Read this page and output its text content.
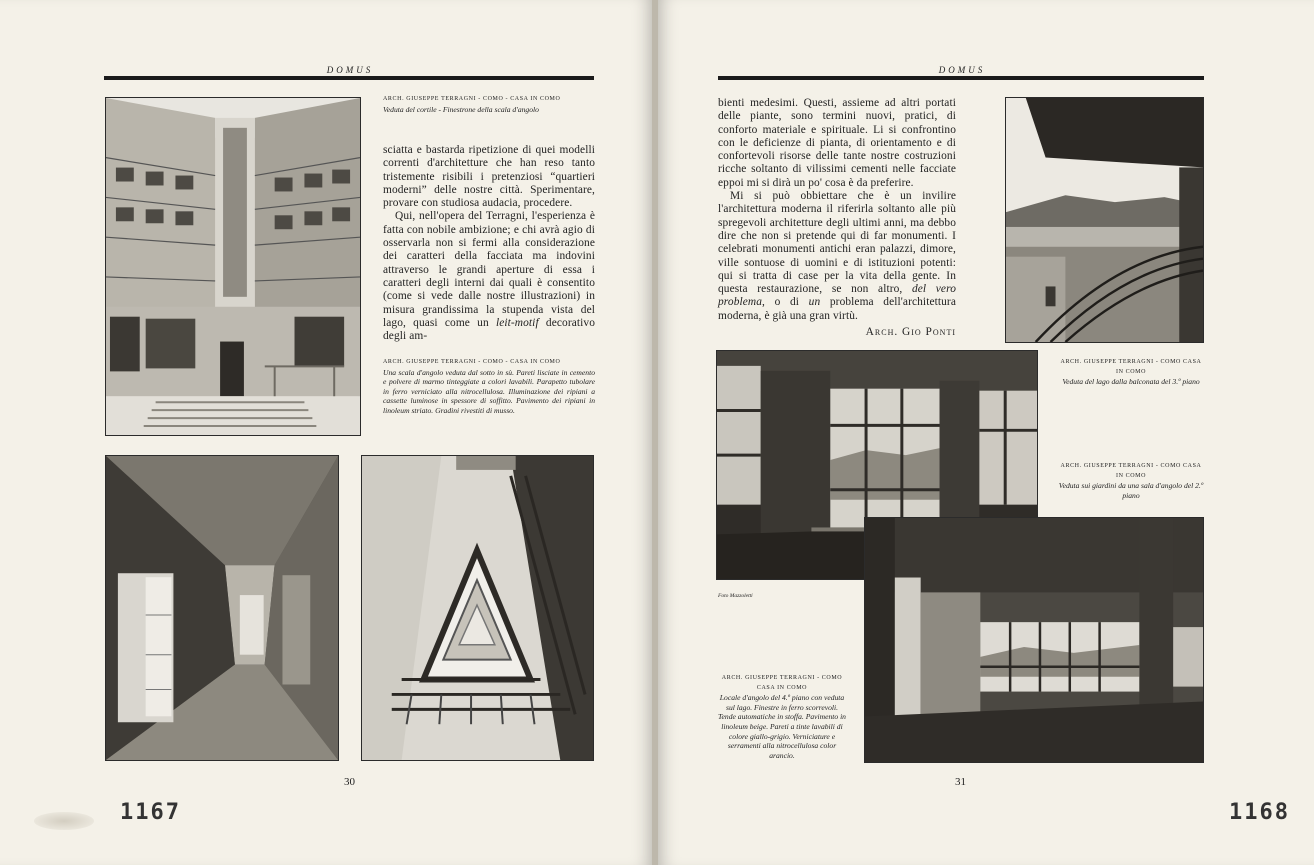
DOMUS
ARCH. GIUSEPPE TERRAGNI - COMO - CASA IN COMO
Veduta del cortile - Finestrone della scala d'angolo

sciatta e bastarda ripetizione di quei modelli correnti d'architetture che han reso tanto tristemente risibili i pretenziosi “quartieri moderni” delle nostre città. Sperimentare, provare con studiosa audacia, procedere.

Qui, nell'opera del Terragni, l'esperienza è fatta con nobile ambizione; e chi avrà agio di osservarla non si fermi alla considerazione dei caratteri della facciata ma indovini attraverso le grandi aperture di essa i caratteri degli interni dai quali è consentito (come si vede dalle nostre illustrazioni) in misura grandissima la stupenda vista del lago, quasi come un leit-motif decorativo degli am-

ARCH. GIUSEPPE TERRAGNI - COMO - CASA IN COMO
Una scala d'angolo veduta dal sotto in sù. Pareti lisciate in cemento e polvere di marmo tinteggiate a colori lavabili. Parapetto tubolare in ferro verniciato alla nitrocellulosa. Illuminazione dei ripiani a cassette luminose in spessore di soffitto. Pavimento dei ripiani in linoleum striato. Gradini rivestiti di musso.
30
1167
DOMUS

bienti medesimi. Questi, assieme ad altri portati delle piante, sono termini nuovi, pratici, di conforto materiale e spirituale. Li si confrontino con le deficienze di pianta, di orientamento e di confortevoli risorse delle tante nostre costruzioni ricche soltanto di vilissimi cementi nelle facciate eppoi mi si dirà un po' cosa è da preferire.

Mi si può obbiettare che è un invilire l'architettura moderna il riferirla soltanto alle più spregevoli architetture degli ultimi anni, ma debbo dire che non si pretende qui di far monumenti. I celebrati monumenti antichi eran palazzi, dimore, ville sontuose di uomini e di istituzioni potenti: qui si tratta di case per la vita della gente. In questa restaurazione, se non altro, del vero problema, o di un problema dell'architettura moderna, è già una gran virtù.

Arch. Gio Ponti

ARCH. GIUSEPPE TERRAGNI - COMO CASA IN COMO
Veduta del lago dalla balconata del 3.º piano
ARCH. GIUSEPPE TERRAGNI - COMO CASA IN COMO
Veduta sui giardini da una sala d'angolo del 2.º piano
Foto Mazzoletti
ARCH. GIUSEPPE TERRAGNI - COMO CASA IN COMO
Locale d'angolo del 4.º piano con veduta sul lago. Finestre in ferro scorrevoli. Tende automatiche in stoffa. Pavimento in linoleum beige. Pareti a tinte lavabili di colore giallo-grigio. Verniciature e serramenti alla nitrocellulosa color arancio.
31
1168
